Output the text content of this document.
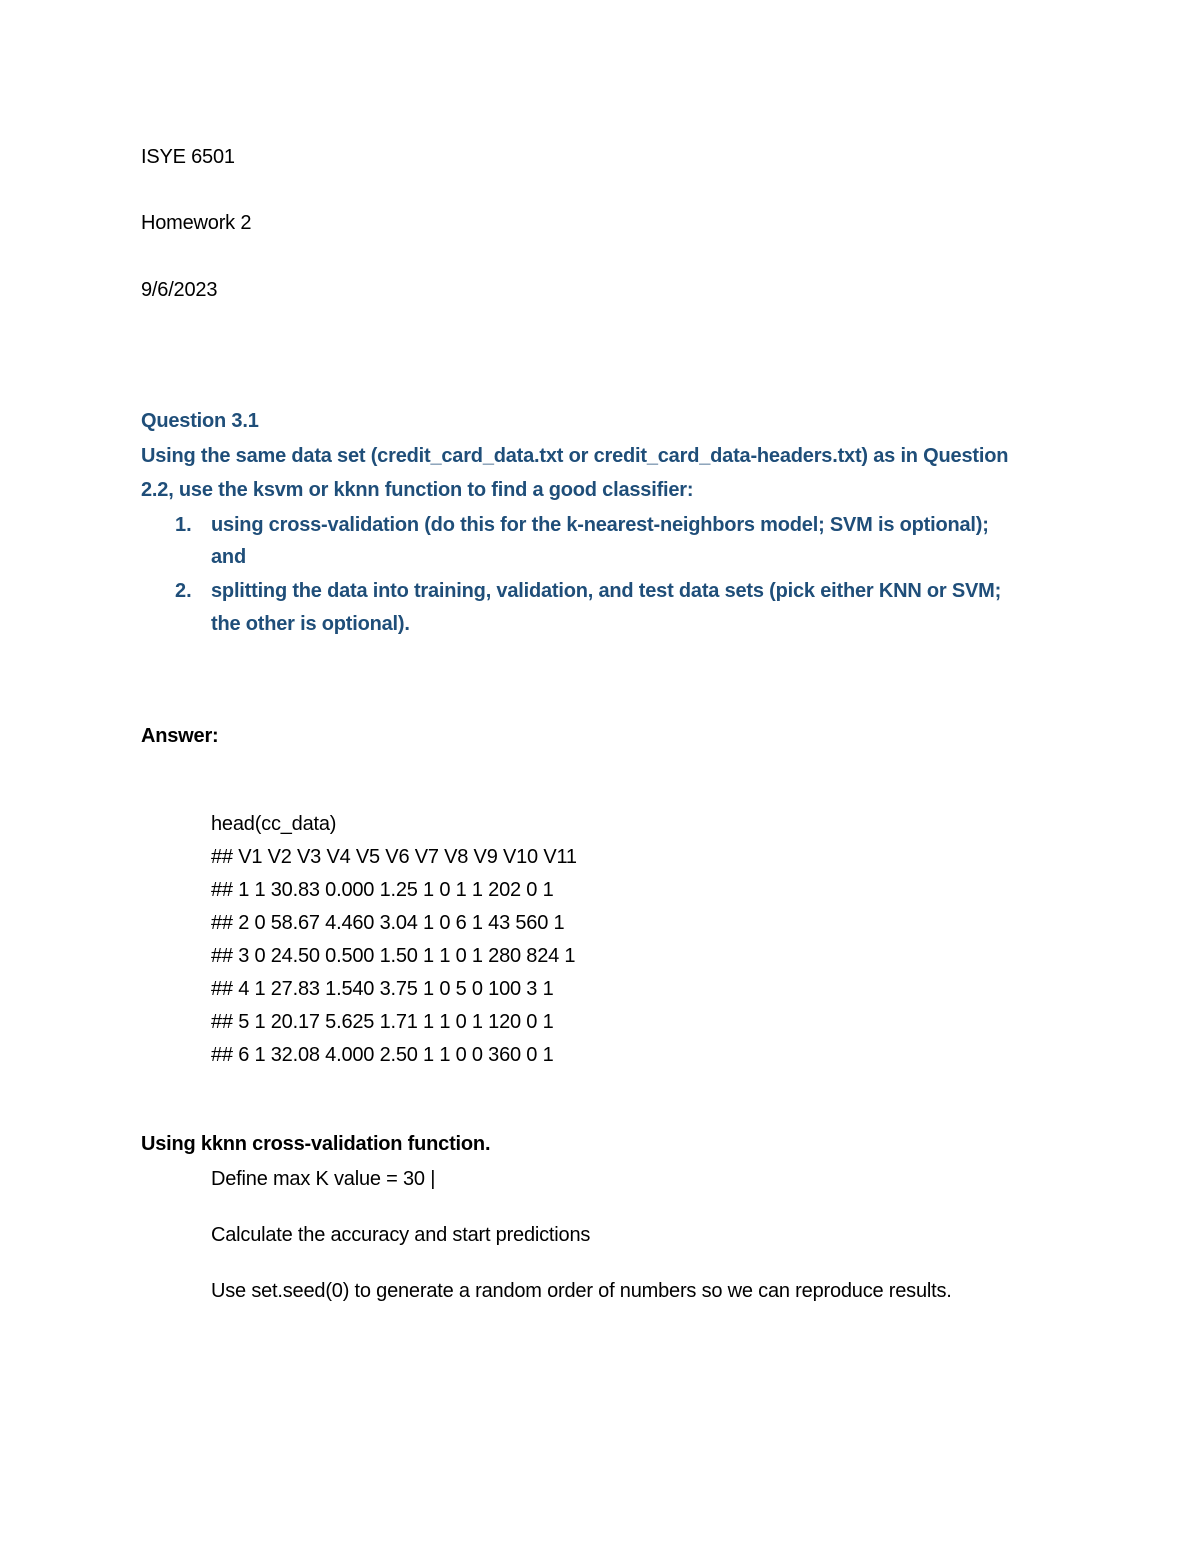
ISYE 6501
Homework 2
9/6/2023
Question 3.1
Using the same data set (credit_card_data.txt or credit_card_data-headers.txt) as in Question
2.2, use the ksvm or kknn function to find a good classifier:
1. using cross-validation (do this for the k-nearest-neighbors model; SVM is optional);
and
2. splitting the data into training, validation, and test data sets (pick either KNN or SVM;
the other is optional).
Answer:
head(cc_data)
## V1 V2 V3 V4 V5 V6 V7 V8 V9 V10 V11
## 1 1 30.83 0.000 1.25 1 0 1 1 202 0 1
## 2 0 58.67 4.460 3.04 1 0 6 1 43 560 1
## 3 0 24.50 0.500 1.50 1 1 0 1 280 824 1
## 4 1 27.83 1.540 3.75 1 0 5 0 100 3 1
## 5 1 20.17 5.625 1.71 1 1 0 1 120 0 1
## 6 1 32.08 4.000 2.50 1 1 0 0 360 0 1
Using kknn cross-validation function.
Define max K value = 30 |
Calculate the accuracy and start predictions
Use set.seed(0) to generate a random order of numbers so we can reproduce results.
